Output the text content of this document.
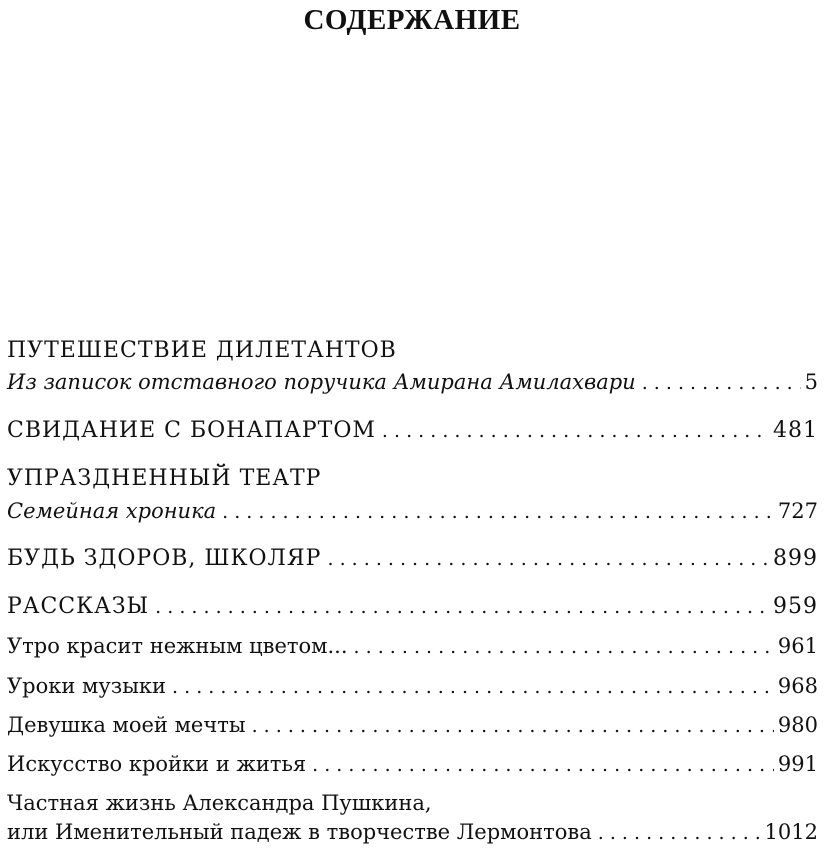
СОДЕРЖАНИЕ
ПУТЕШЕСТВИЕ ДИЛЕТАНТОВ
Из записок отставного поручика Амирана Амилахвари . . .	5
СВИДАНИЕ С БОНАПАРТОМ . . .	481
УПРАЗДНЕННЫЙ ТЕАТР
Семейная хроника . . .	727
БУДЬ ЗДОРОВ, ШКОЛЯР . . .	899
РАССКАЗЫ . . .	959
Утро красит нежным цветом... . . .	961
Уроки музыки . . .	968
Девушка моей мечты . . .	980
Искусство кройки и житья . . .	991
Частная жизнь Александра Пушкина,
или Именительный падеж в творчестве Лермонтова . . .	1012
